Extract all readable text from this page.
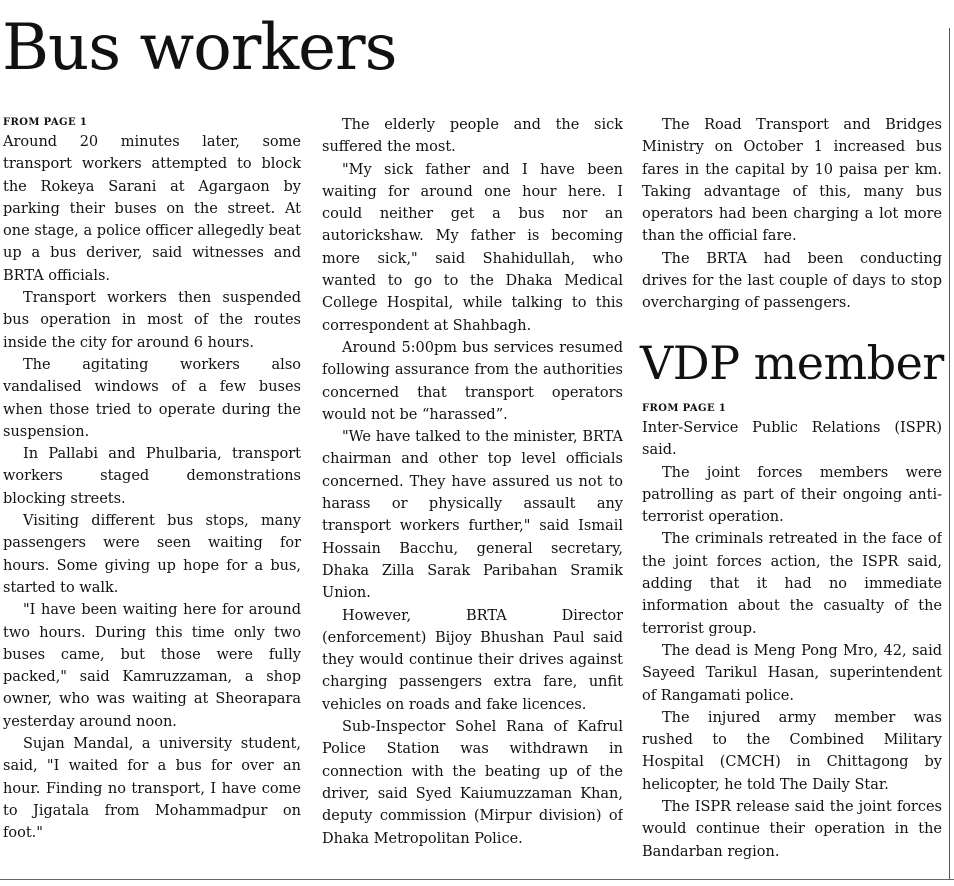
Bus workers
FROM PAGE 1

Around 20 minutes later, some transport workers attempted to block the Rokeya Sarani at Agargaon by parking their buses on the street. At one stage, a police officer allegedly beat up a bus deriver, said witnesses and BRTA officials.

Transport workers then suspended bus operation in most of the routes inside the city for around 6 hours.

The agitating workers also vandalised windows of a few buses when those tried to operate during the suspension.

In Pallabi and Phulbaria, transport workers staged demonstrations blocking streets.

Visiting different bus stops, many passengers were seen waiting for hours. Some giving up hope for a bus, started to walk.

"I have been waiting here for around two hours. During this time only two buses came, but those were fully packed," said Kamruzzaman, a shop owner, who was waiting at Sheorapara yesterday around noon.

Sujan Mandal, a university student, said, "I waited for a bus for over an hour. Finding no transport, I have come to Jigatala from Mohammadpur on foot."

The elderly people and the sick suffered the most.

"My sick father and I have been waiting for around one hour here. I could neither get a bus nor an autorickshaw. My father is becoming more sick," said Shahidullah, who wanted to go to the Dhaka Medical College Hospital, while talking to this correspondent at Shahbagh.

Around 5:00pm bus services resumed following assurance from the authorities concerned that transport operators would not be “harassed”.

"We have talked to the minister, BRTA chairman and other top level officials concerned. They have assured us not to harass or physically assault any transport workers further," said Ismail Hossain Bacchu, general secretary, Dhaka Zilla Sarak Paribahan Sramik Union.

However, BRTA Director (enforcement) Bijoy Bhushan Paul said they would continue their drives against charging passengers extra fare, unfit vehicles on roads and fake licences.

Sub-Inspector Sohel Rana of Kafrul Police Station was withdrawn in connection with the beating up of the driver, said Syed Kaiumuzzaman Khan, deputy commission (Mirpur division) of Dhaka Metropolitan Police.

The Road Transport and Bridges Ministry on October 1 increased bus fares in the capital by 10 paisa per km. Taking advantage of this, many bus operators had been charging a lot more than the official fare.

The BRTA had been conducting drives for the last couple of days to stop overcharging of passengers.

VDP member
FROM PAGE 1

Inter-Service Public Relations (ISPR) said.

The joint forces members were patrolling as part of their ongoing anti-terrorist operation.

The criminals retreated in the face of the joint forces action, the ISPR said, adding that it had no immediate information about the casualty of the terrorist group.

The dead is Meng Pong Mro, 42, said Sayeed Tarikul Hasan, superintendent of Rangamati police.

The injured army member was rushed to the Combined Military Hospital (CMCH) in Chittagong by helicopter, he told The Daily Star.

The ISPR release said the joint forces would continue their operation in the Bandarban region.
